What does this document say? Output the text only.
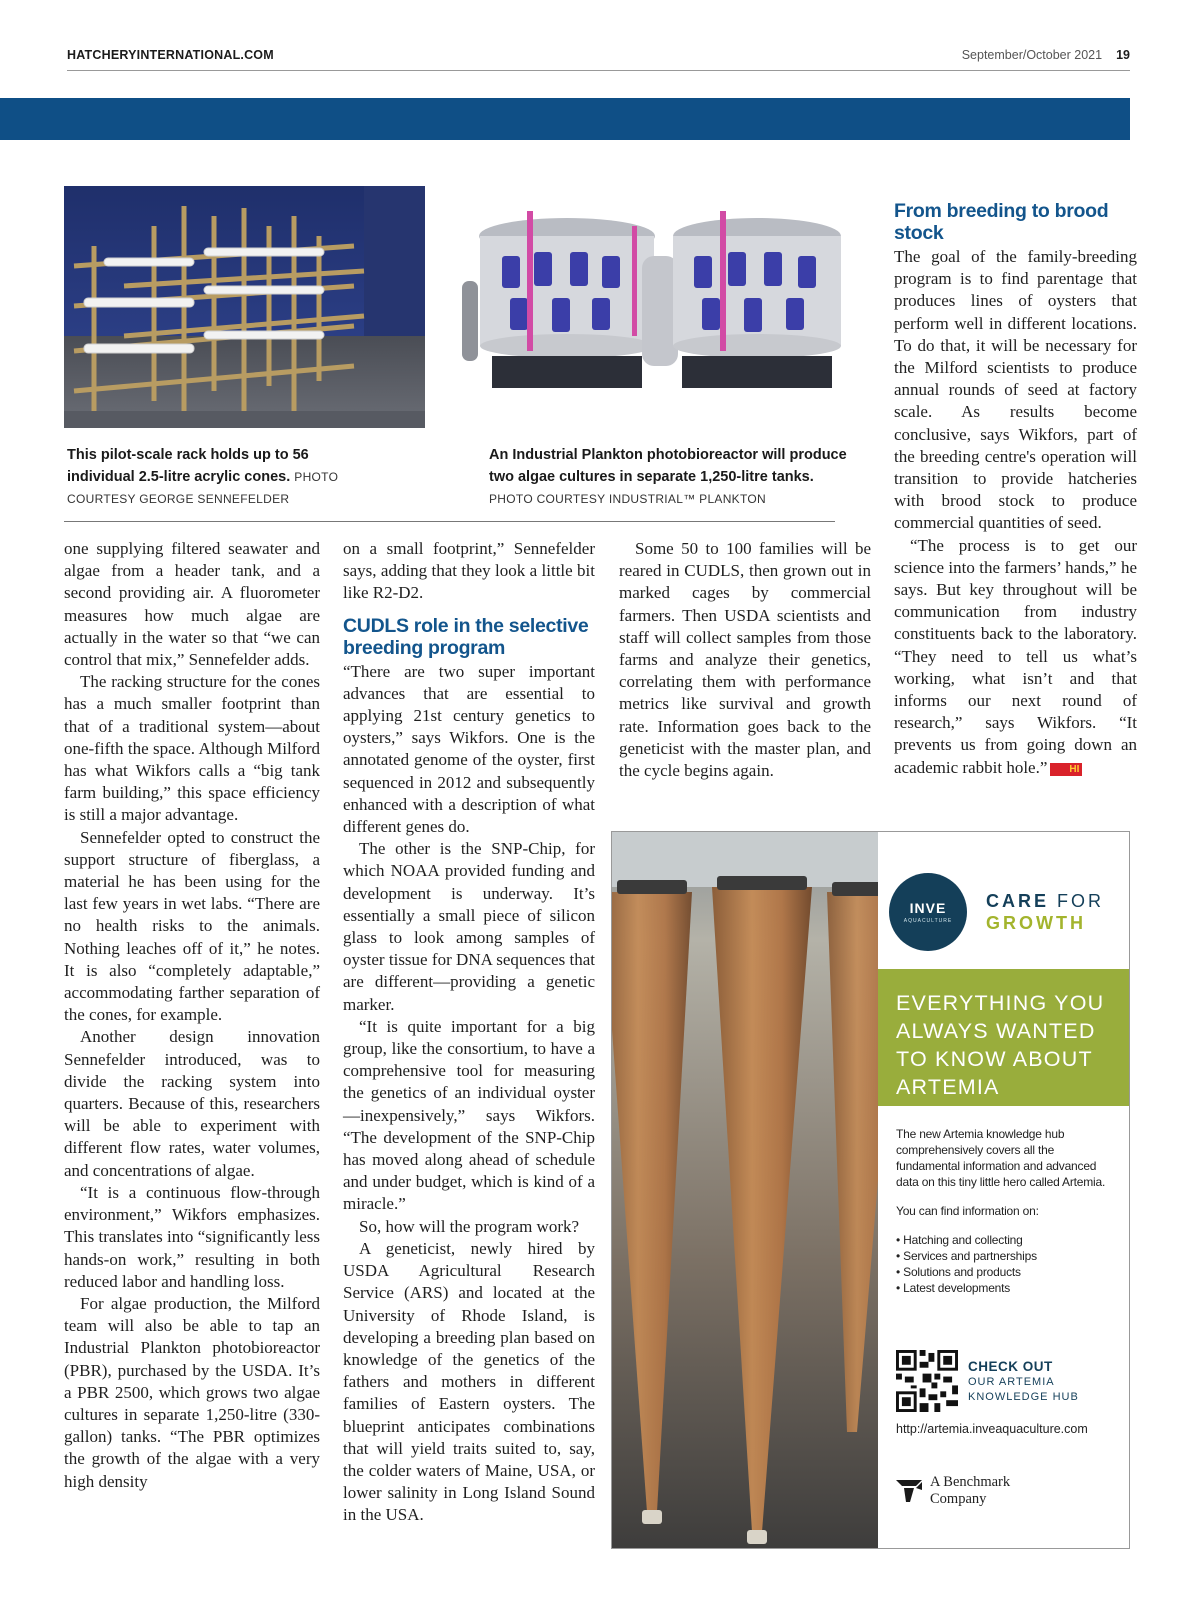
HATCHERYINTERNATIONAL.COM	September/October 2021 19
This pilot-scale rack holds up to 56 individual 2.5-litre acrylic cones. PHOTO COURTESY GEORGE SENNEFELDER
An Industrial Plankton photobioreactor will produce two algae cultures in separate 1,250-litre tanks. PHOTO COURTESY INDUSTRIAL™ PLANKTON

one supplying filtered seawater and algae from a header tank, and a second providing air. A fluorometer measures how much algae are actually in the water so that “we can control that mix,” Sennefelder adds.

The racking structure for the cones has a much smaller footprint than that of a traditional system—about one-fifth the space. Although Milford has what Wikfors calls a “big tank farm building,” this space efficiency is still a major advantage.

Sennefelder opted to construct the support structure of fiberglass, a material he has been using for the last few years in wet labs. “There are no health risks to the animals. Nothing leaches off of it,” he notes. It is also “completely adaptable,” accommodating farther separation of the cones, for example.

Another design innovation Sennefelder introduced, was to divide the racking system into quarters. Because of this, researchers will be able to experiment with different flow rates, water volumes, and concentrations of algae.

“It is a continuous flow-through environment,” Wikfors emphasizes. This translates into “significantly less hands-on work,” resulting in both reduced labor and handling loss.

For algae production, the Milford team will also be able to tap an Industrial Plankton photobioreactor (PBR), purchased by the USDA. It’s a PBR 2500, which grows two algae cultures in separate 1,250-litre (330-gallon) tanks. “The PBR optimizes the growth of the algae with a very high density

on a small footprint,” Sennefelder says, adding that they look a little bit like R2-D2.

CUDLS role in the selective breeding program

“There are two super important advances that are essential to applying 21st century genetics to oysters,” says Wikfors. One is the annotated genome of the oyster, first sequenced in 2012 and subsequently enhanced with a description of what different genes do.

The other is the SNP-Chip, for which NOAA provided funding and development is underway. It’s essentially a small piece of silicon glass to look among samples of oyster tissue for DNA sequences that are different—providing a genetic marker.

“It is quite important for a big group, like the consortium, to have a comprehensive tool for measuring the genetics of an individual oyster—inexpensively,” says Wikfors. “The development of the SNP-Chip has moved along ahead of schedule and under budget, which is kind of a miracle.”

So, how will the program work?

A geneticist, newly hired by USDA Agricultural Research Service (ARS) and located at the University of Rhode Island, is developing a breeding plan based on knowledge of the genetics of the fathers and mothers in different families of Eastern oysters. The blueprint anticipates combinations that will yield traits suited to, say, the colder waters of Maine, USA, or lower salinity in Long Island Sound in the USA.

Some 50 to 100 families will be reared in CUDLS, then grown out in marked cages by commercial farmers. Then USDA scientists and staff will collect samples from those farms and analyze their genetics, correlating them with performance metrics like survival and growth rate. Information goes back to the geneticist with the master plan, and the cycle begins again.

From breeding to brood stock

The goal of the family-breeding program is to find parentage that produces lines of oysters that perform well in different locations. To do that, it will be necessary for the Milford scientists to produce annual rounds of seed at factory scale. As results become conclusive, says Wikfors, part of the breeding centre's operation will transition to provide hatcheries with brood stock to produce commercial quantities of seed.

“The process is to get our science into the farmers’ hands,” he says. But key throughout will be communication from industry constituents back to the laboratory. “They need to tell us what’s working, what isn’t and that informs our next round of research,” says Wikfors. “It prevents us from going down an academic rabbit hole.” HI

INVE
AQUACULTURE
CARE FOR
GROWTH
EVERYTHING YOU ALWAYS WANTED TO KNOW ABOUT ARTEMIA
The new Artemia knowledge hub comprehensively covers all the fundamental information and advanced data on this tiny little hero called Artemia.
You can find information on:
• Hatching and collecting
• Services and partnerships
• Solutions and products
• Latest developments
CHECK OUT
OUR ARTEMIA
KNOWLEDGE HUB
http://artemia.inveaquaculture.com
A Benchmark
Company
